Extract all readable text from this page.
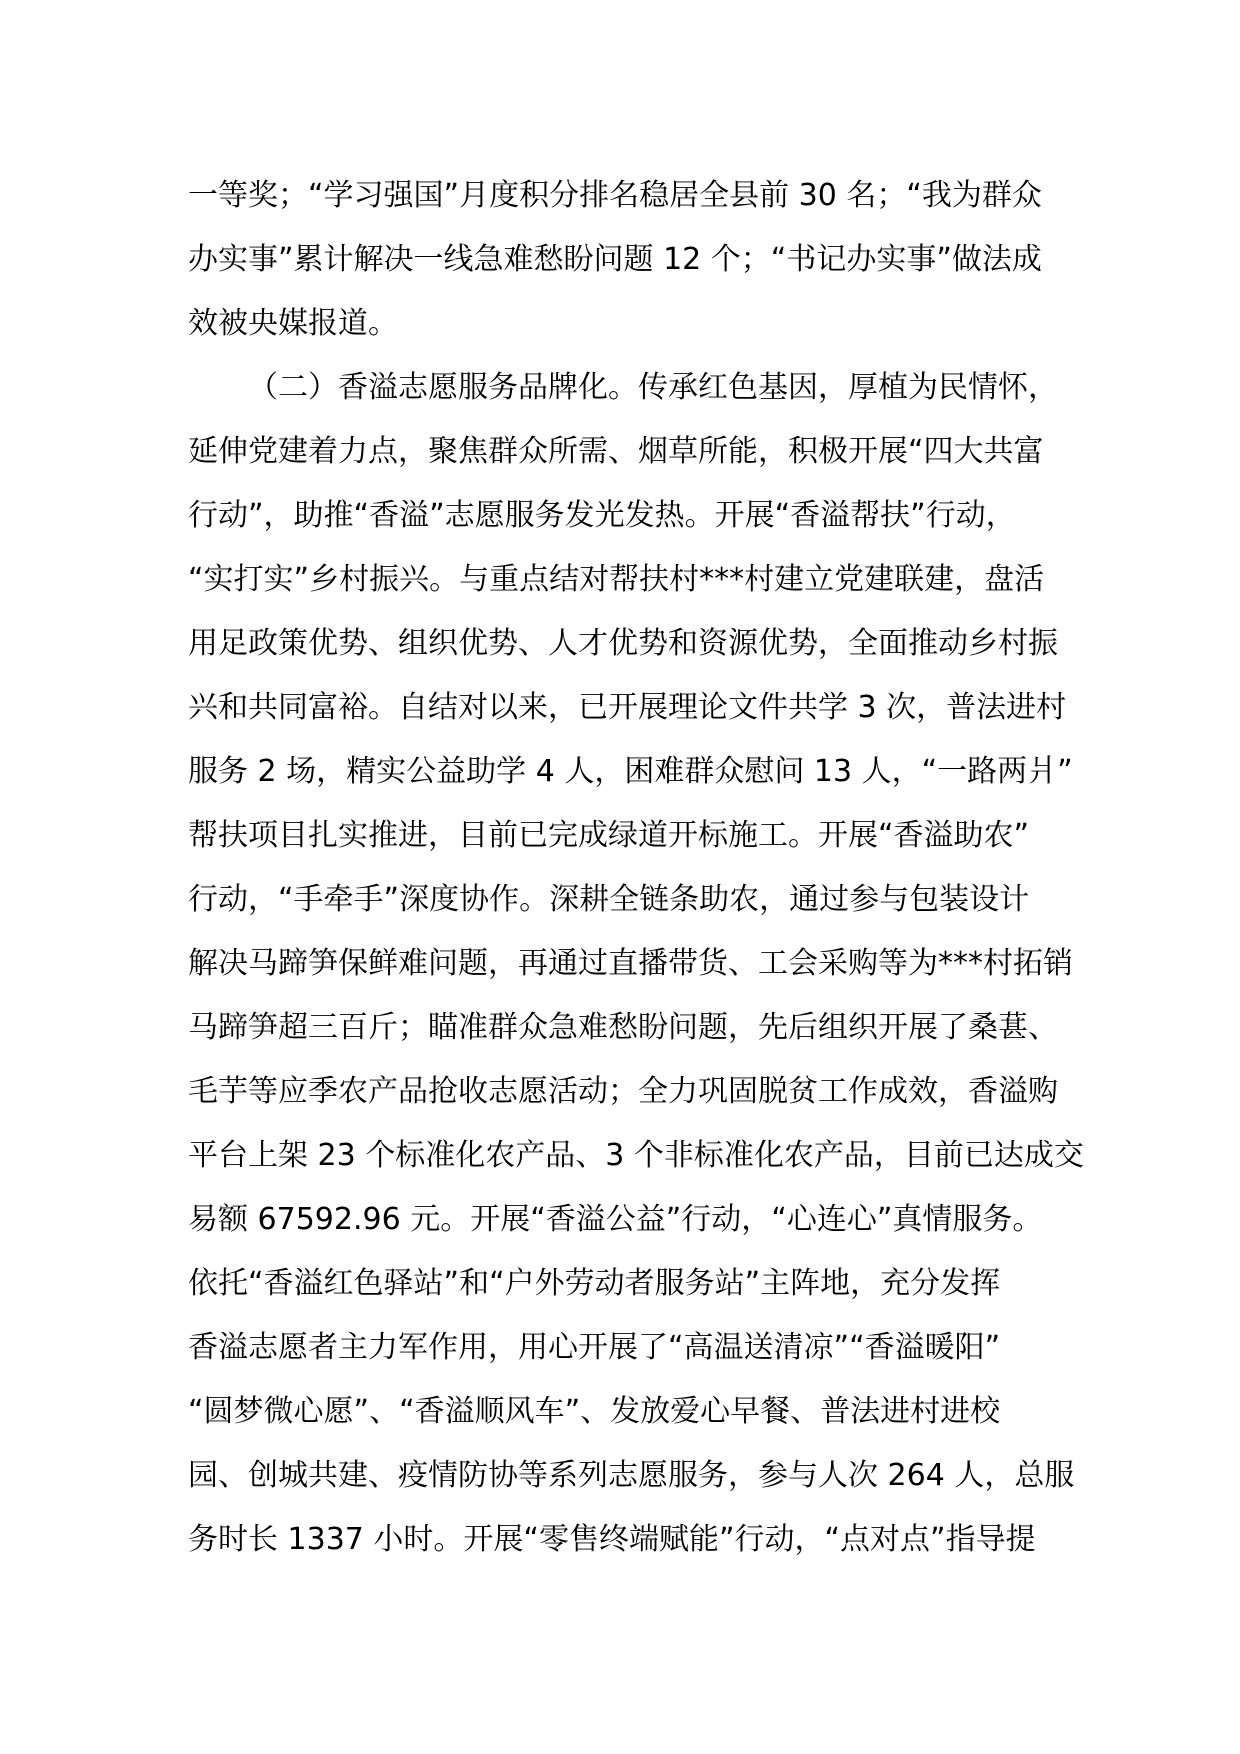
一等奖；“学习强国”月度积分排名稳居全县前 30 名；“我为群众

办实事”累计解决一线急难愁盼问题 12 个；“书记办实事”做法成

效被央媒报道。

（二）香溢志愿服务品牌化。传承红色基因，厚植为民情怀，

延伸党建着力点，聚焦群众所需、烟草所能，积极开展“四大共富

行动”，助推“香溢”志愿服务发光发热。开展“香溢帮扶”行动，

“实打实”乡村振兴。与重点结对帮扶村***村建立党建联建，盘活

用足政策优势、组织优势、人才优势和资源优势，全面推动乡村振

兴和共同富裕。自结对以来，已开展理论文件共学 3 次，普法进村

服务 2 场，精实公益助学 4 人，困难群众慰问 13 人，“一路两爿”

帮扶项目扎实推进，目前已完成绿道开标施工。开展“香溢助农”

行动，“手牵手”深度协作。深耕全链条助农，通过参与包装设计

解决马蹄笋保鲜难问题，再通过直播带货、工会采购等为***村拓销

马蹄笋超三百斤；瞄准群众急难愁盼问题，先后组织开展了桑葚、

毛芋等应季农产品抢收志愿活动；全力巩固脱贫工作成效，香溢购

平台上架 23 个标准化农产品、3 个非标准化农产品，目前已达成交

易额 67592.96 元。开展“香溢公益”行动，“心连心”真情服务。

依托“香溢红色驿站”和“户外劳动者服务站”主阵地，充分发挥

香溢志愿者主力军作用，用心开展了“高温送清凉”“香溢暖阳”

“圆梦微心愿”、“香溢顺风车”、发放爱心早餐、普法进村进校

园、创城共建、疫情防协等系列志愿服务，参与人次 264 人，总服

务时长 1337 小时。开展“零售终端赋能”行动，“点对点”指导提
